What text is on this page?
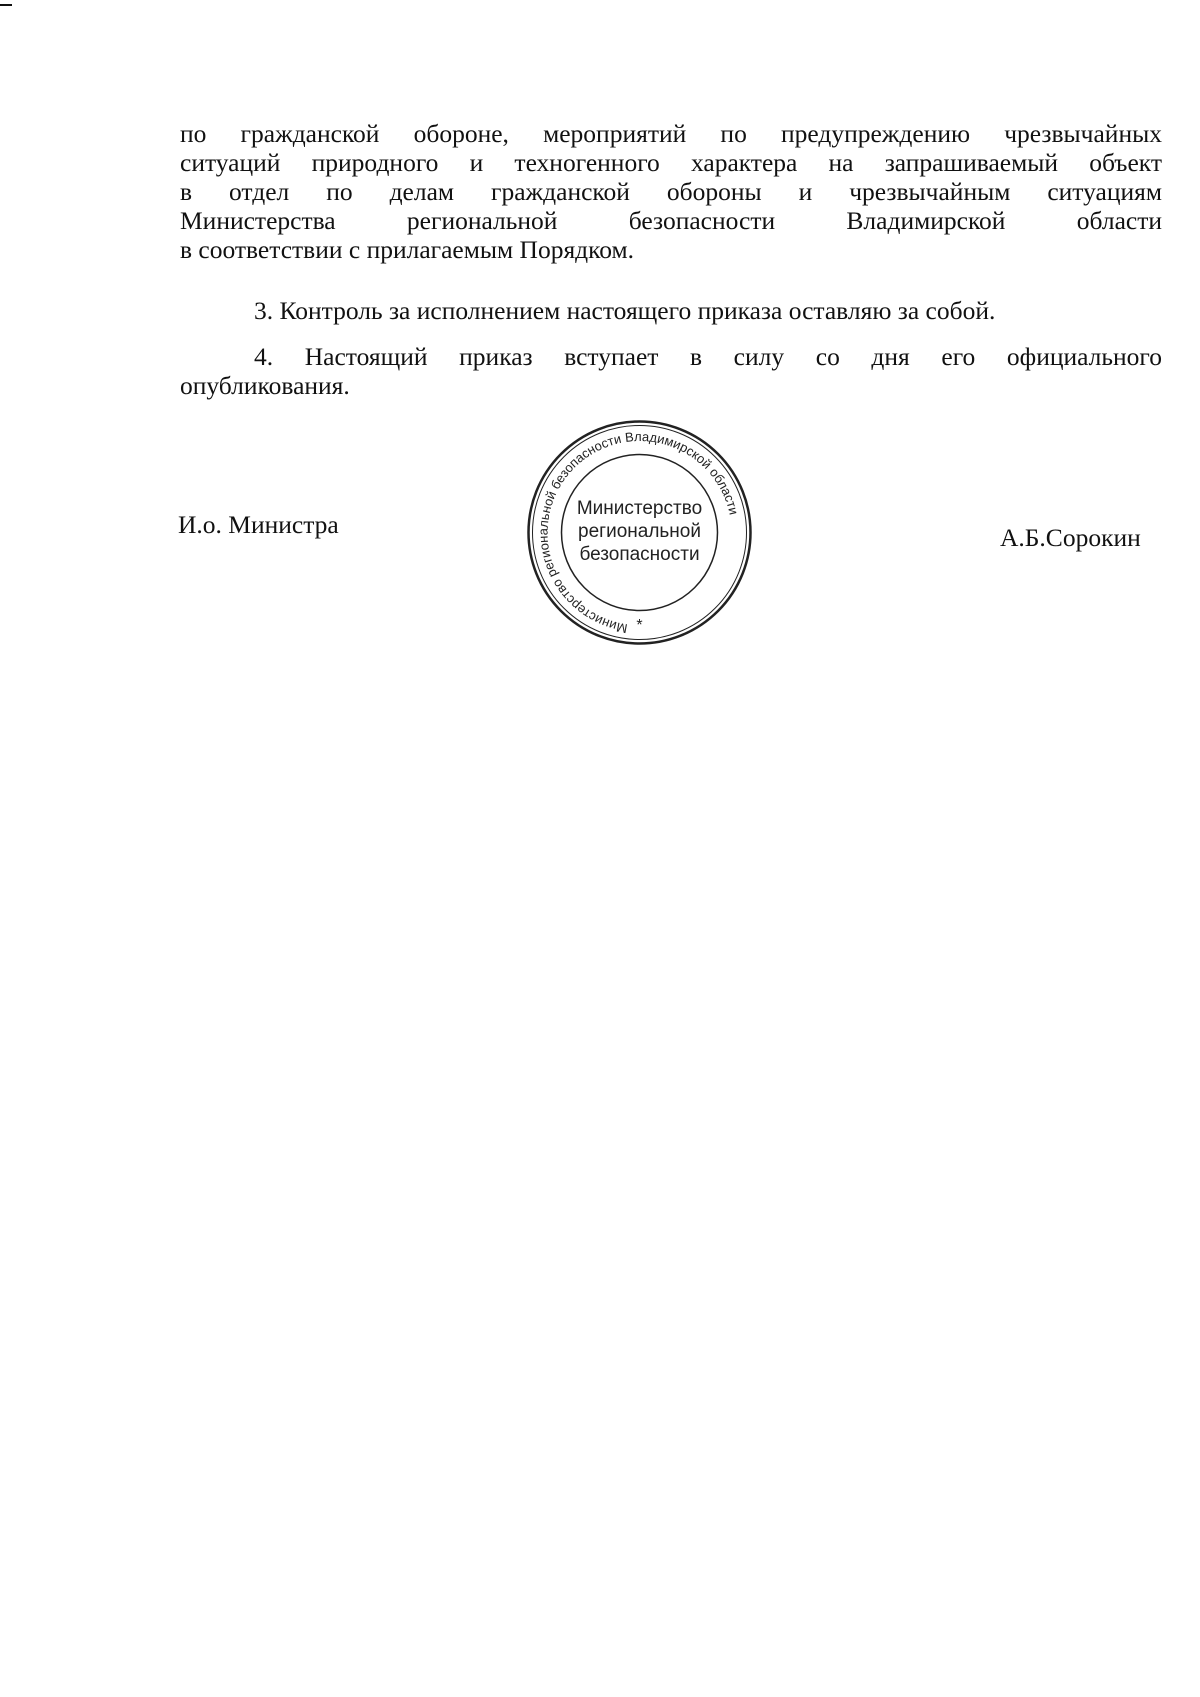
по гражданской обороне, мероприятий по предупреждению чрезвычайных
ситуаций природного и техногенного характера на запрашиваемый объект
в отдел по делам гражданской обороны и чрезвычайным ситуациям
Министерства региональной безопасности Владимирской области
в соответствии с прилагаемым Порядком.
3. Контроль за исполнением настоящего приказа оставляю за собой.
4. Настоящий приказ вступает в силу со дня его официального
опубликования.
И.о. Министра
Министерство региональной безопасности Владимирской области
*
Министерство
региональной
безопасности
А.Б.Сорокин
